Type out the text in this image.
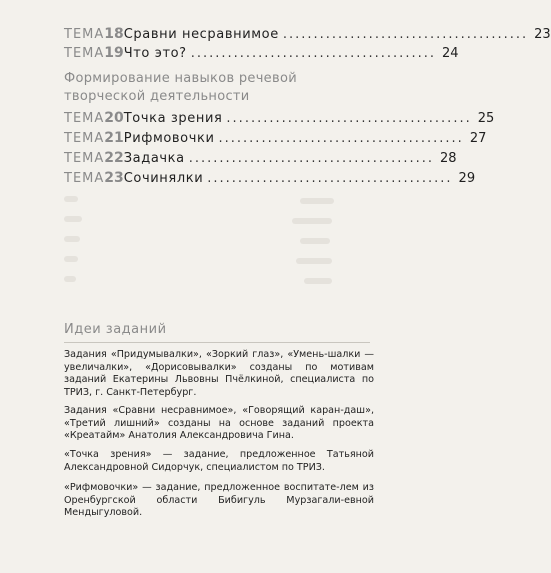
ТЕМА 18 Сравни несравнимое ........................................ 23
ТЕМА 19 Что это? ........................................ 24
Формирование навыков речевой творческой деятельности
ТЕМА 20 Точка зрения ........................................ 25
ТЕМА 21 Рифмовочки ........................................ 27
ТЕМА 22 Задачка ........................................ 28
ТЕМА 23 Сочинялки ........................................ 29
Идеи заданий
Задания «Придумывалки», «Зоркий глаз», «Умень-шалки — увеличалки», «Дорисовывалки» созданы по мотивам заданий Екатерины Львовны Пчёлкиной, специалиста по ТРИЗ, г. Санкт-Петербург.
Задания «Сравни несравнимое», «Говорящий каран-даш», «Третий лишний» созданы на основе заданий проекта «Креатайм» Анатолия Александровича Гина.
«Точка зрения» — задание, предложенное Татьяной Александровной Сидорчук, специалистом по ТРИЗ.
«Рифмовочки» — задание, предложенное воспитате-лем из Оренбургской области Бибигуль Мурзагали-евной Мендыгуловой.
